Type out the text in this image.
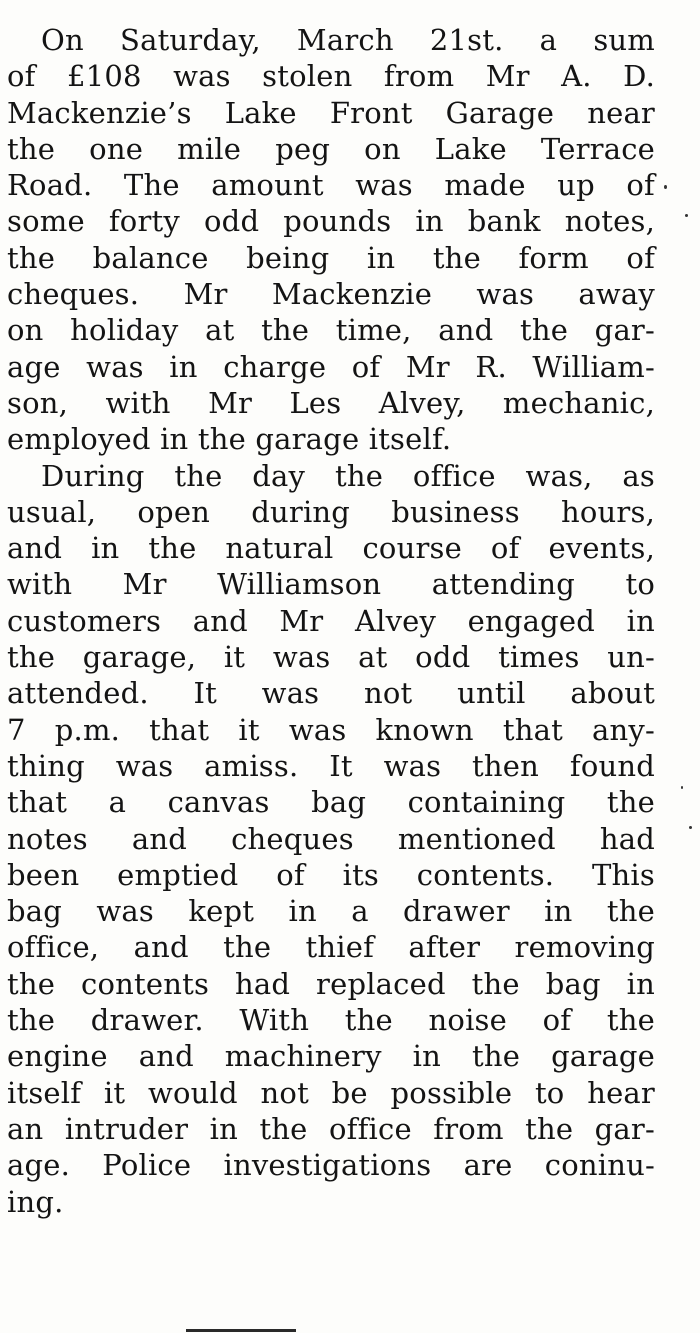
On Saturday, March 21st. a sum
of £108 was stolen from Mr A. D.
Mackenzie’s Lake Front Garage near
the one mile peg on Lake Terrace
Road. The amount was made up of
some forty odd pounds in bank notes,
the balance being in the form of
cheques. Mr Mackenzie was away
on holiday at the time, and the gar-
age was in charge of Mr R. William-
son, with Mr Les Alvey, mechanic,
employed in the garage itself.
During the day the office was, as
usual, open during business hours,
and in the natural course of events,
with Mr Williamson attending to
customers and Mr Alvey engaged in
the garage, it was at odd times un-
attended. It was not until about
7 p.m. that it was known that any-
thing was amiss. It was then found
that a canvas bag containing the
notes and cheques mentioned had
been emptied of its contents. This
bag was kept in a drawer in the
office, and the thief after removing
the contents had replaced the bag in
the drawer. With the noise of the
engine and machinery in the garage
itself it would not be possible to hear
an intruder in the office from the gar-
age. Police investigations are coninu-
ing.
